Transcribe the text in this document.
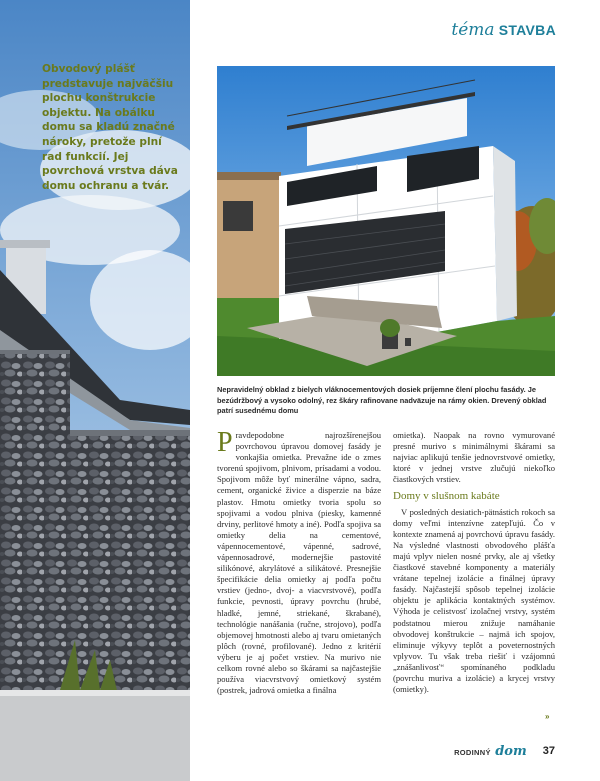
Obvodový plášť predstavuje najväčšiu plochu konštrukcie objektu. Na obálku domu sa kladú značné nároky, pretože plní rad funkcií. Jej povrchová vrstva dáva domu ochranu a tvár.
téma STAVBA
Nepravidelný obklad z bielych vláknocementových dosiek príjemne člení plochu fasády. Je bezúdržbový a vysoko odolný, rez škáry rafinovane nadväzuje na rámy okien. Drevený obklad patrí susednému domu
P ravdepodobne najrozšírenejšou povrchovou úpravou domovej fasády je vonkajšia omietka. Prevažne ide o zmes tvorenú spojivom, plnivom, prísadami a vodou. Spojivom môže byť minerálne vápno, sadra, cement, organické živice a disperzie na báze plastov. Hmotu omietky tvoria spolu so spojivami a vodou plniva (piesky, kamenné drviny, perlitové hmoty a iné). Podľa spojiva sa omietky delia na cementové, vápennocementové, vápenné, sadrové, vápennosadrové, modernejšie pastovité silikónové, akrylátové a silikátové. Presnejšie špecifikácie delia omietky aj podľa počtu vrstiev (jedno-, dvoj- a viacvrstvové), podľa funkcie, pevnosti, úpravy povrchu (hrubé, hladké, jemné, striekané, škrabané), technológie nanášania (ručne, strojovo), podľa objemovej hmotnosti alebo aj tvaru omietaných plôch (rovné, profilované). Jedno z kritérií výberu je aj počet vrstiev. Na murivo nie celkom rovné alebo so škárami sa najčastejšie používa viacvrstvový omietkový systém (postrek, jadrová omietka a finálna

omietka). Naopak na rovno vymurované presné murivo s minimálnymi škárami sa najviac aplikujú tenšie jednovrstvové omietky, ktoré v jednej vrstve zlučujú niekoľko čiastkových vrstiev.

Domy v slušnom kabáte

V posledných desiatich-pätnástich rokoch sa domy veľmi intenzívne zatepľujú. Čo v kontexte znamená aj povrchovú úpravu fasády. Na výsledné vlastnosti obvodového plášťa majú vplyv nielen nosné prvky, ale aj všetky čiastkové stavebné komponenty a materiály vrátane tepelnej izolácie a finálnej úpravy fasády. Najčastejší spôsob tepelnej izolácie objektu je aplikácia kontaktných systémov. Výhoda je celistvosť izolačnej vrstvy, systém podstatnou mierou znižuje namáhanie obvodovej konštrukcie – najmä ich spojov, eliminuje výkyvy teplôt a poveternostných vplyvov. Tu však treba riešiť i vzájomnú „znášanlivosť“ spomínaného podkladu (povrchu muriva a izolácie) a krycej vrstvy (omietky).

»
RODINNÝ dom 37
